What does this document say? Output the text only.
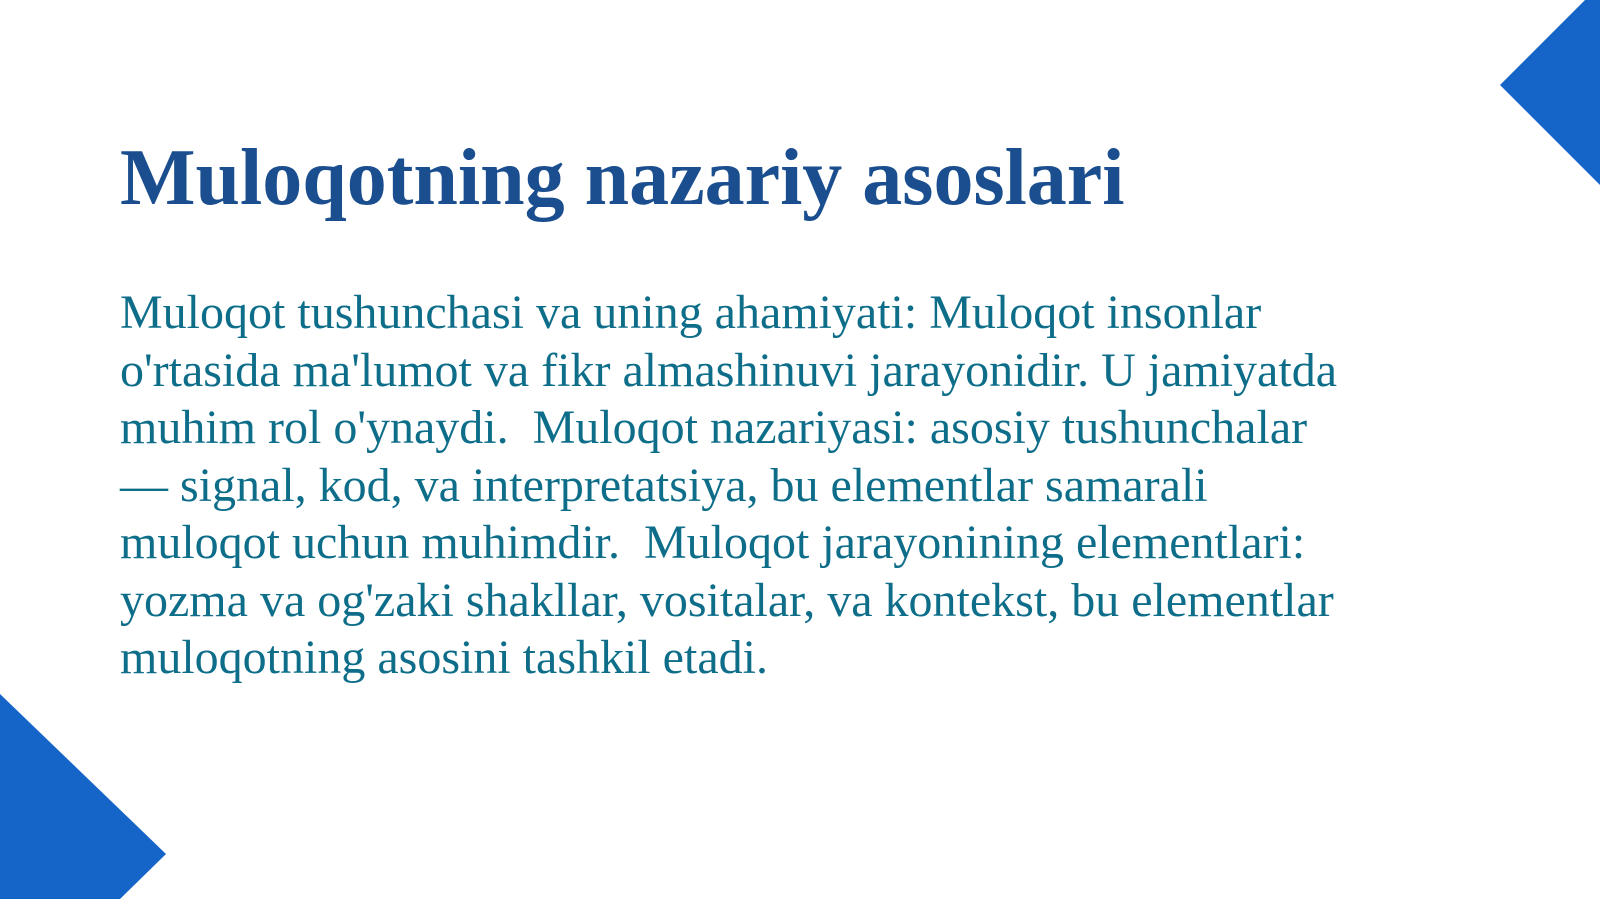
Muloqotning nazariy asoslari

Muloqot tushunchasi va uning ahamiyati: Muloqot insonlar o'rtasida ma'lumot va fikr almashinuvi jarayonidir. U jamiyatda muhim rol o'ynaydi.  Muloqot nazariyasi: asosiy tushunchalar — signal, kod, va interpretatsiya, bu elementlar samarali muloqot uchun muhimdir.  Muloqot jarayonining elementlari: yozma va og'zaki shakllar, vositalar, va kontekst, bu elementlar muloqotning asosini tashkil etadi.
